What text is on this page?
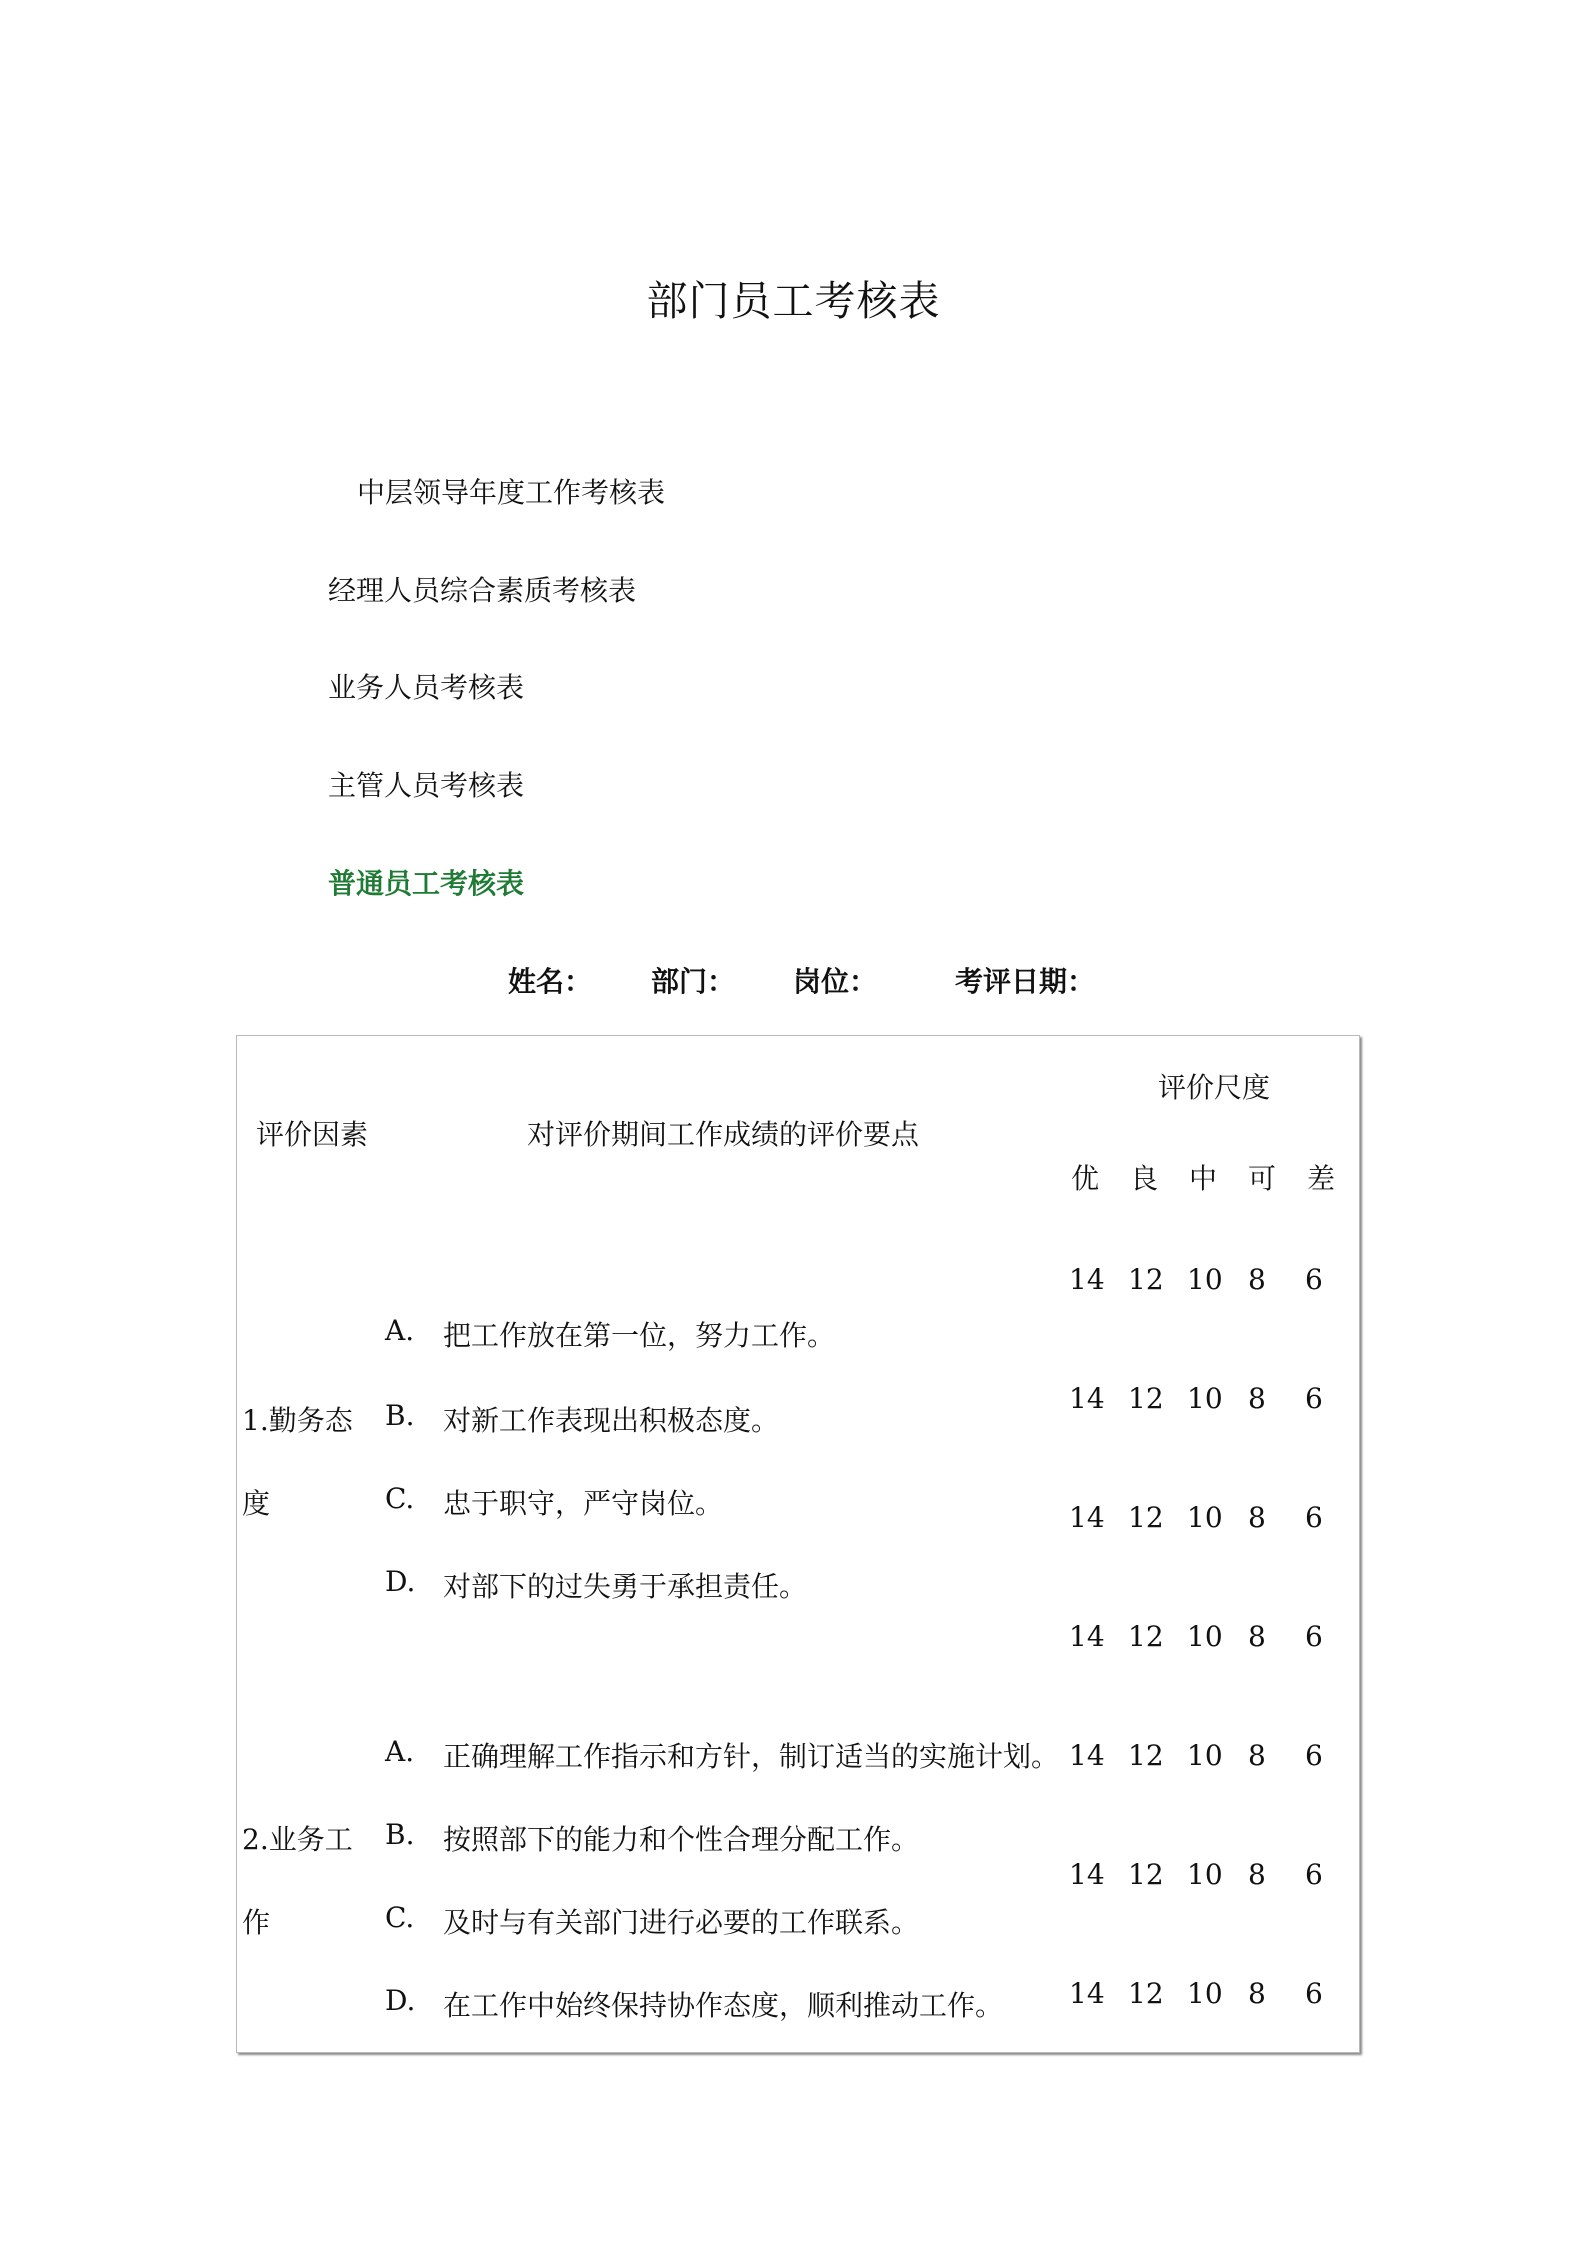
部门员工考核表
中层领导年度工作考核表
经理人员综合素质考核表
业务人员考核表
主管人员考核表
普通员工考核表
姓名： 部门： 岗位：	考评日期：
评价因素	对评价期间工作成绩的评价要点
评价尺度
优 良 中 可 差
1.勤务态
度
A. 把工作放在第一位，努力工作。
B. 对新工作表现出积极态度。
C. 忠于职守，严守岗位。
D. 对部下的过失勇于承担责任。
2.业务工
作
A. 正确理解工作指示和方针，制订适当的实施计划。
B. 按照部下的能力和个性合理分配工作。
C. 及时与有关部门进行必要的工作联系。
D. 在工作中始终保持协作态度，顺利推动工作。
14 12 10 8 6
14 12 10 8 6
14 12 10 8 6
14 12 10 8 6
14 12 10 8 6
14 12 10 8 6
14 12 10 8 6
